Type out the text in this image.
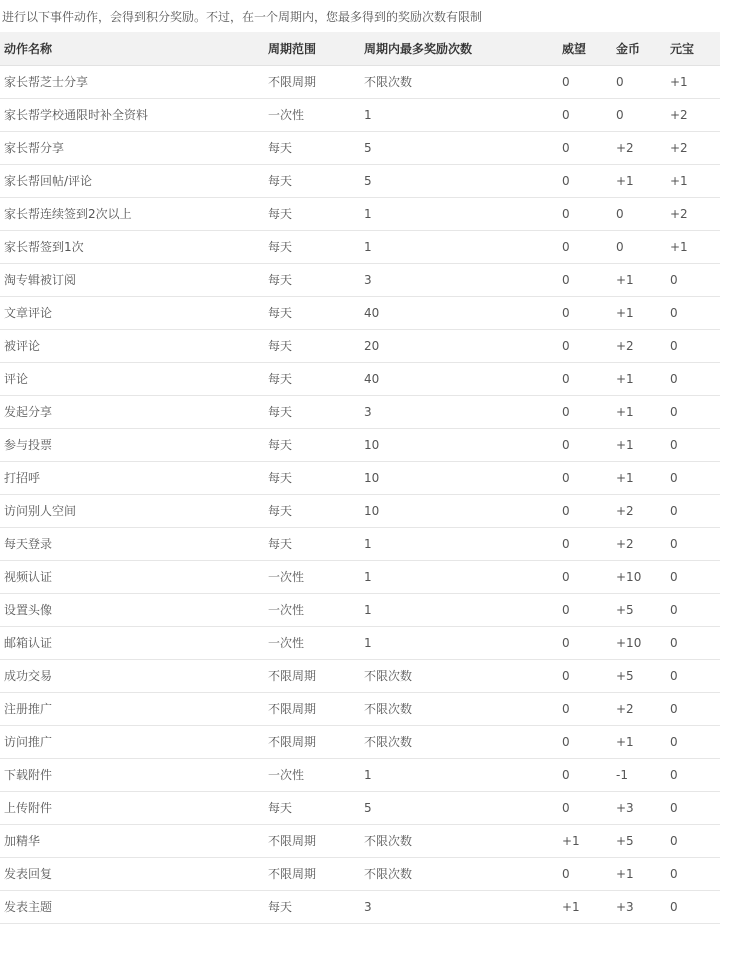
进行以下事件动作，会得到积分奖励。不过，在一个周期内，您最多得到的奖励次数有限制
动作名称	周期范围	周期内最多奖励次数	威望	金币	元宝
家长帮芝士分享	不限周期	不限次数	0	0	+1
家长帮学校通限时补全资料	一次性	1	0	0	+2
家长帮分享	每天	5	0	+2	+2
家长帮回帖/评论	每天	5	0	+1	+1
家长帮连续签到2次以上	每天	1	0	0	+2
家长帮签到1次	每天	1	0	0	+1
淘专辑被订阅	每天	3	0	+1	0
文章评论	每天	40	0	+1	0
被评论	每天	20	0	+2	0
评论	每天	40	0	+1	0
发起分享	每天	3	0	+1	0
参与投票	每天	10	0	+1	0
打招呼	每天	10	0	+1	0
访问别人空间	每天	10	0	+2	0
每天登录	每天	1	0	+2	0
视频认证	一次性	1	0	+10	0
设置头像	一次性	1	0	+5	0
邮箱认证	一次性	1	0	+10	0
成功交易	不限周期	不限次数	0	+5	0
注册推广	不限周期	不限次数	0	+2	0
访问推广	不限周期	不限次数	0	+1	0
下载附件	一次性	1	0	-1	0
上传附件	每天	5	0	+3	0
加精华	不限周期	不限次数	+1	+5	0
发表回复	不限周期	不限次数	0	+1	0
发表主题	每天	3	+1	+3	0
